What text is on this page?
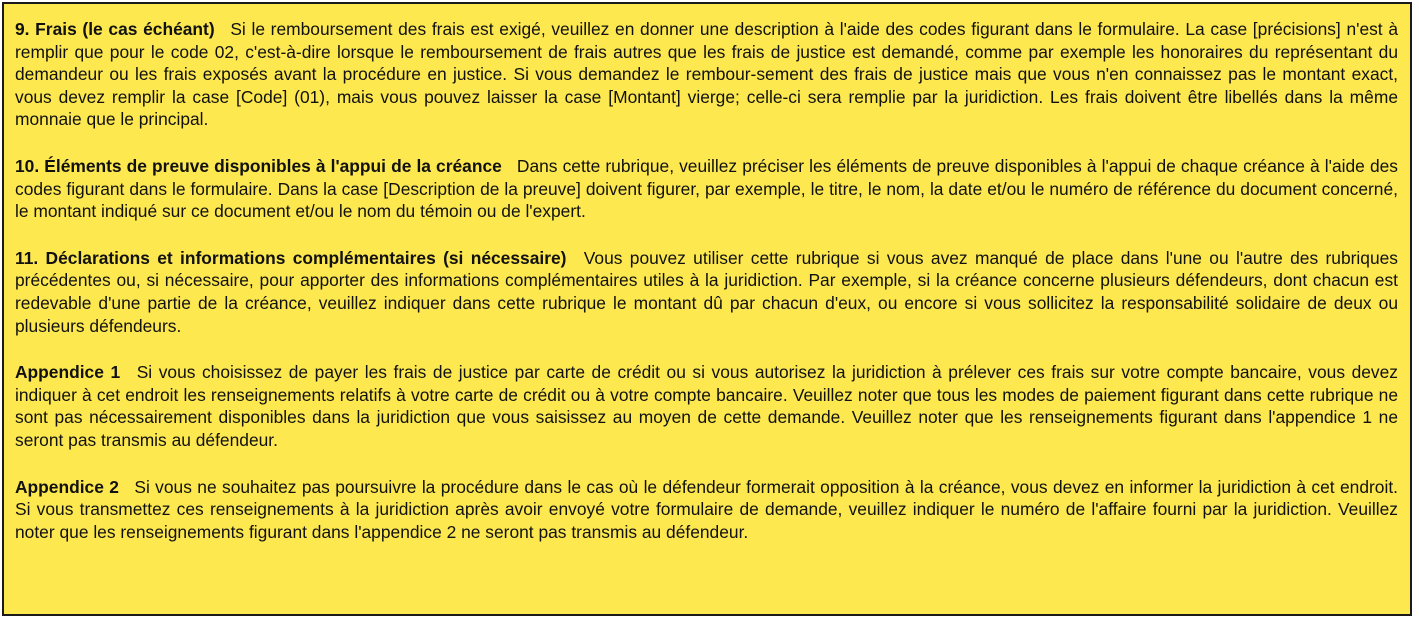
9. Frais (le cas échéant) Si le remboursement des frais est exigé, veuillez en donner une description à l'aide des codes figurant dans le formulaire. La case [précisions] n'est à remplir que pour le code 02, c'est-à-dire lorsque le remboursement de frais autres que les frais de justice est demandé, comme par exemple les honoraires du représentant du demandeur ou les frais exposés avant la procédure en justice. Si vous demandez le rembour-sement des frais de justice mais que vous n'en connaissez pas le montant exact, vous devez remplir la case [Code] (01), mais vous pouvez laisser la case [Montant] vierge; celle-ci sera remplie par la juridiction. Les frais doivent être libellés dans la même monnaie que le principal.

10. Éléments de preuve disponibles à l'appui de la créance Dans cette rubrique, veuillez préciser les éléments de preuve disponibles à l'appui de chaque créance à l'aide des codes figurant dans le formulaire. Dans la case [Description de la preuve] doivent figurer, par exemple, le titre, le nom, la date et/ou le numéro de référence du document concerné, le montant indiqué sur ce document et/ou le nom du témoin ou de l'expert.

11. Déclarations et informations complémentaires (si nécessaire) Vous pouvez utiliser cette rubrique si vous avez manqué de place dans l'une ou l'autre des rubriques précédentes ou, si nécessaire, pour apporter des informations complémentaires utiles à la juridiction. Par exemple, si la créance concerne plusieurs défendeurs, dont chacun est redevable d'une partie de la créance, veuillez indiquer dans cette rubrique le montant dû par chacun d'eux, ou encore si vous sollicitez la responsabilité solidaire de deux ou plusieurs défendeurs.

Appendice 1 Si vous choisissez de payer les frais de justice par carte de crédit ou si vous autorisez la juridiction à prélever ces frais sur votre compte bancaire, vous devez indiquer à cet endroit les renseignements relatifs à votre carte de crédit ou à votre compte bancaire. Veuillez noter que tous les modes de paiement figurant dans cette rubrique ne sont pas nécessairement disponibles dans la juridiction que vous saisissez au moyen de cette demande. Veuillez noter que les renseignements figurant dans l'appendice 1 ne seront pas transmis au défendeur.

Appendice 2 Si vous ne souhaitez pas poursuivre la procédure dans le cas où le défendeur formerait opposition à la créance, vous devez en informer la juridiction à cet endroit. Si vous transmettez ces renseignements à la juridiction après avoir envoyé votre formulaire de demande, veuillez indiquer le numéro de l'affaire fourni par la juridiction. Veuillez noter que les renseignements figurant dans l'appendice 2 ne seront pas transmis au défendeur.
